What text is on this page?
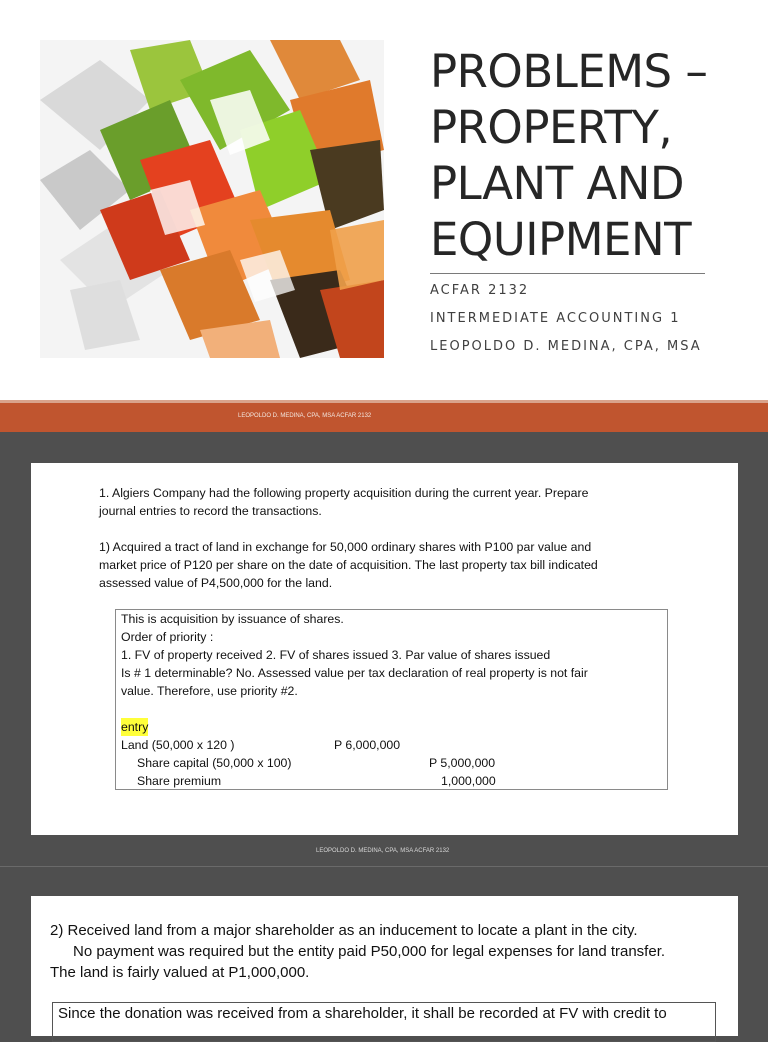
PROBLEMS –
PROPERTY,
PLANT AND
EQUIPMENT
ACFAR 2132
INTERMEDIATE ACCOUNTING 1
LEOPOLDO D. MEDINA, CPA, MSA
LEOPOLDO D. MEDINA, CPA, MSA ACFAR 2132
1. Algiers Company had the following property acquisition during the current year. Prepare
journal entries to record the transactions.
1) Acquired a tract of land in exchange for 50,000 ordinary shares with P100 par value and
market price of P120 per share on the date of acquisition. The last property tax bill indicated
assessed value of P4,500,000 for the land.
This is acquisition by issuance of shares.
Order of priority :
1. FV of property received 2. FV of shares issued 3. Par value of shares issued
Is # 1 determinable? No. Assessed value per tax declaration of real property is not fair
value. Therefore, use priority #2.
entry
Land (50,000 x 120 )	P 6,000,000
Share capital (50,000 x 100)	P 5,000,000
Share premium	1,000,000
LEOPOLDO D. MEDINA, CPA, MSA ACFAR 2132
2) Received land from a major shareholder as an inducement to locate a plant in the city.
No payment was required but the entity paid P50,000 for legal expenses for land transfer.
The land is fairly valued at P1,000,000.
Since the donation was received from a shareholder, it shall be recorded at FV with credit to
